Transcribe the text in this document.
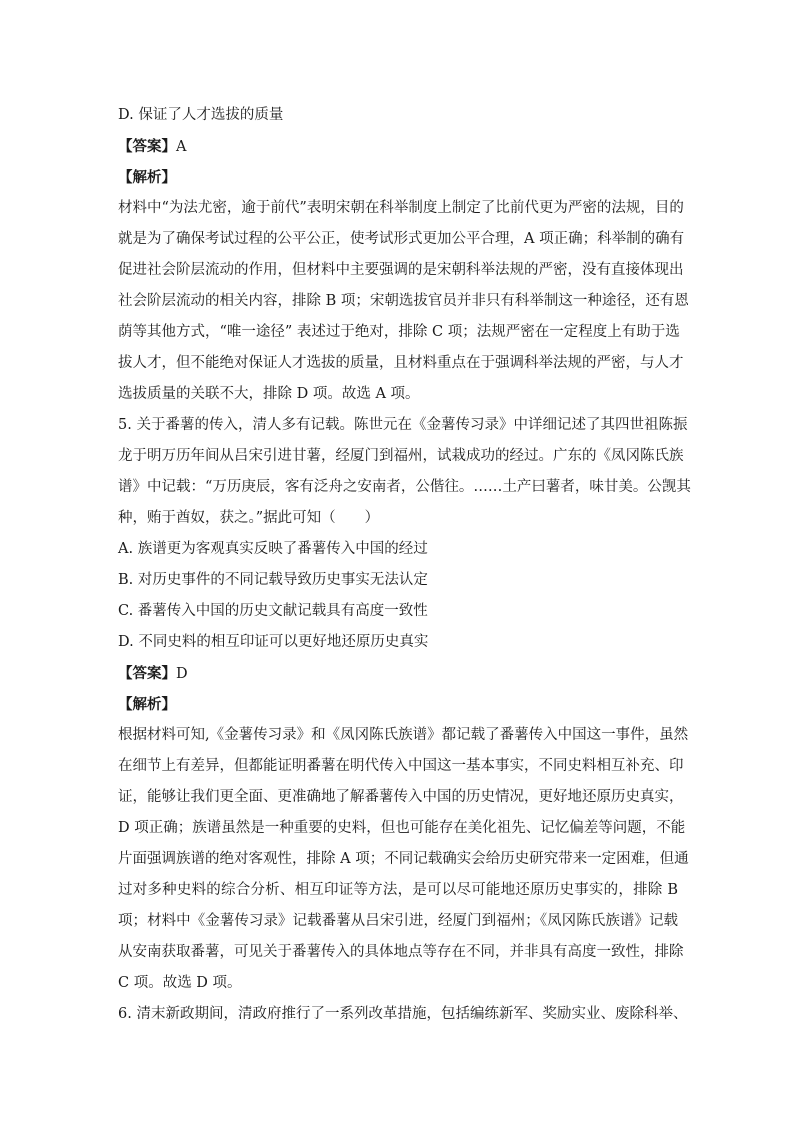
D. 保证了人才选拔的质量
【答案】A
【解析】
材料中“为法尤密，逾于前代”表明宋朝在科举制度上制定了比前代更为严密的法规，目的
就是为了确保考试过程的公平公正，使考试形式更加公平合理，A 项正确；科举制的确有
促进社会阶层流动的作用，但材料中主要强调的是宋朝科举法规的严密，没有直接体现出
社会阶层流动的相关内容，排除 B 项；宋朝选拔官员并非只有科举制这一种途径，还有恩
荫等其他方式，“唯一途径” 表述过于绝对，排除 C 项；法规严密在一定程度上有助于选
拔人才，但不能绝对保证人才选拔的质量，且材料重点在于强调科举法规的严密，与人才
选拔质量的关联不大，排除 D 项。故选 A 项。
5. 关于番薯的传入，清人多有记载。陈世元在《金薯传习录》中详细记述了其四世祖陈振
龙于明万历年间从吕宋引进甘薯，经厦门到福州，试栽成功的经过。广东的《凤冈陈氏族
谱》中记载：“万历庚辰，客有泛舟之安南者，公偕往。……土产曰薯者，味甘美。公觊其
种，贿于酋奴，获之。”据此可知（　　）
A. 族谱更为客观真实反映了番薯传入中国的经过
B. 对历史事件的不同记载导致历史事实无法认定
C. 番薯传入中国的历史文献记载具有高度一致性
D. 不同史料的相互印证可以更好地还原历史真实
【答案】D
【解析】
根据材料可知,《金薯传习录》和《凤冈陈氏族谱》都记载了番薯传入中国这一事件，虽然
在细节上有差异，但都能证明番薯在明代传入中国这一基本事实，不同史料相互补充、印
证，能够让我们更全面、更准确地了解番薯传入中国的历史情况，更好地还原历史真实，
D 项正确；族谱虽然是一种重要的史料，但也可能存在美化祖先、记忆偏差等问题，不能
片面强调族谱的绝对客观性，排除 A 项；不同记载确实会给历史研究带来一定困难，但通
过对多种史料的综合分析、相互印证等方法，是可以尽可能地还原历史事实的，排除 B
项；材料中《金薯传习录》记载番薯从吕宋引进，经厦门到福州；《凤冈陈氏族谱》记载
从安南获取番薯，可见关于番薯传入的具体地点等存在不同，并非具有高度一致性，排除
C 项。故选 D 项。
6. 清末新政期间，清政府推行了一系列改革措施，包括编练新军、奖励实业、废除科举、
